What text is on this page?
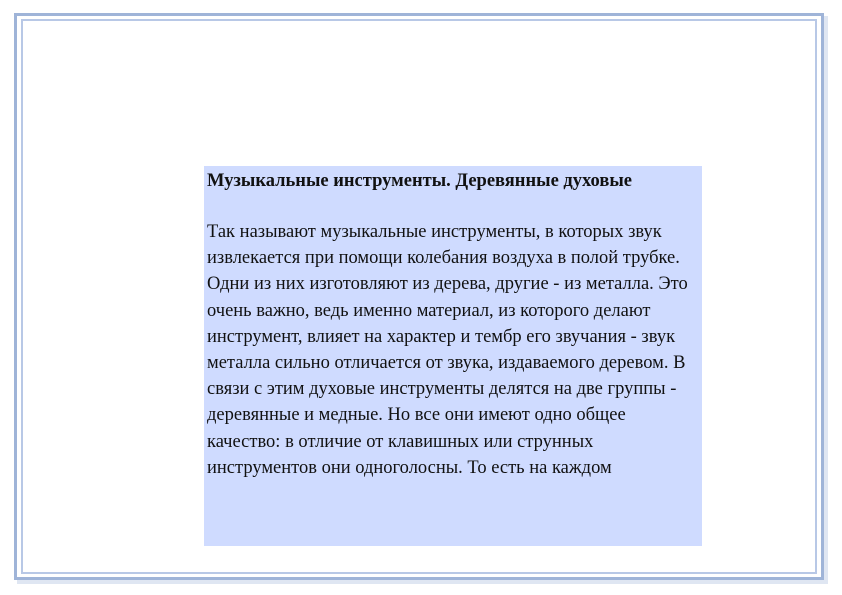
Музыкальные инструменты. Деревянные духовые

Так называют музыкальные инструменты, в которых звук извлекается при помощи колебания воздуха в полой трубке. Одни из них изготовляют из дерева, другие - из металла. Это очень важно, ведь именно материал, из которого делают инструмент, влияет на характер и тембр его звучания - звук металла сильно отличается от звука, издаваемого деревом. В связи с этим духовые инструменты делятся на две группы - деревянные и медные. Но все они имеют одно общее качество: в отличие от клавишных или струнных инструментов они одноголосны. То есть на каждом
